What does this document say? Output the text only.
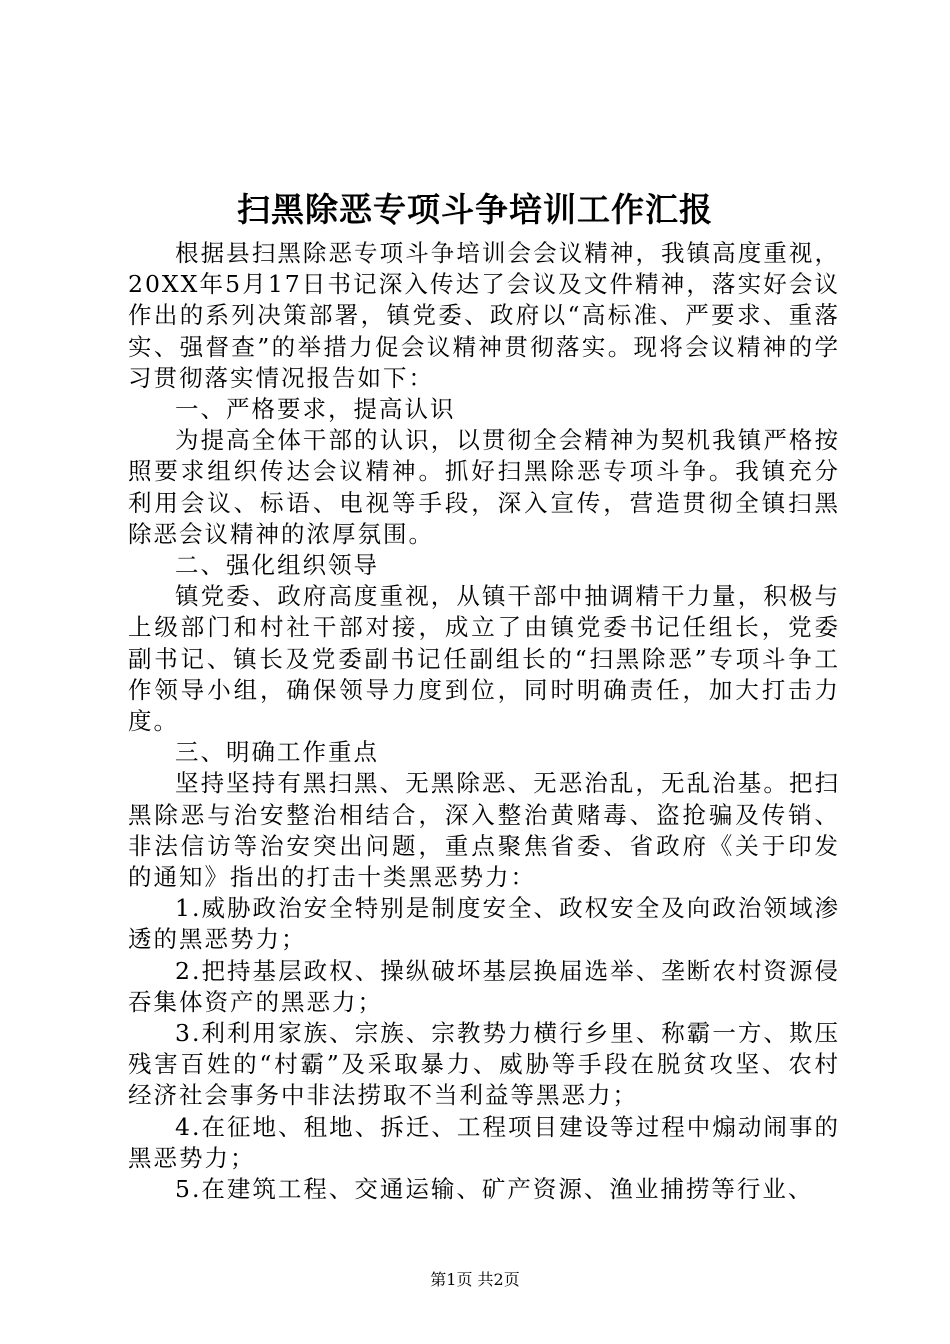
扫黑除恶专项斗争培训工作汇报

根据县扫黑除恶专项斗争培训会会议精神，我镇高度重视，20XX年5月17日书记深入传达了会议及文件精神，落实好会议作出的系列决策部署，镇党委、政府以“高标准、严要求、重落实、强督查”的举措力促会议精神贯彻落实。现将会议精神的学习贯彻落实情况报告如下：

一、严格要求，提高认识

为提高全体干部的认识，以贯彻全会精神为契机我镇严格按照要求组织传达会议精神。抓好扫黑除恶专项斗争。我镇充分利用会议、标语、电视等手段，深入宣传，营造贯彻全镇扫黑除恶会议精神的浓厚氛围。

二、强化组织领导

镇党委、政府高度重视，从镇干部中抽调精干力量，积极与上级部门和村社干部对接，成立了由镇党委书记任组长，党委副书记、镇长及党委副书记任副组长的“扫黑除恶”专项斗争工作领导小组，确保领导力度到位，同时明确责任，加大打击力度。

三、明确工作重点

坚持坚持有黑扫黑、无黑除恶、无恶治乱，无乱治基。把扫黑除恶与治安整治相结合，深入整治黄赌毒、盗抢骗及传销、非法信访等治安突出问题，重点聚焦省委、省政府《关于印发的通知》指出的打击十类黑恶势力：

1.威胁政治安全特别是制度安全、政权安全及向政治领域渗透的黑恶势力；

2.把持基层政权、操纵破坏基层换届选举、垄断农村资源侵吞集体资产的黑恶力；

3.利利用家族、宗族、宗教势力横行乡里、称霸一方、欺压残害百姓的“村霸”及采取暴力、威胁等手段在脱贫攻坚、农村经济社会事务中非法捞取不当利益等黑恶力；

4.在征地、租地、拆迁、工程项目建设等过程中煽动闹事的黑恶势力；

5.在建筑工程、交通运输、矿产资源、渔业捕捞等行业、

第1页 共2页
